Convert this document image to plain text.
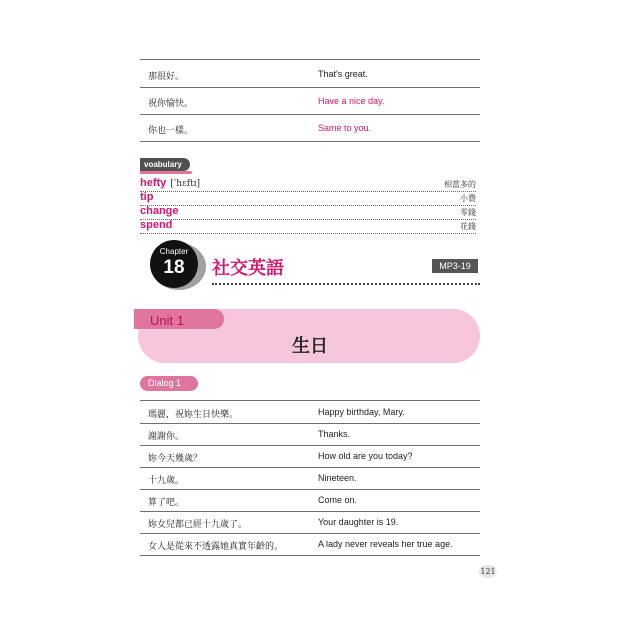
那很好。	That's great.
祝你愉快。	Have a nice day.
你也一樣。	Same to you.
voabulary
hefty [ˈhɛftɪ]	相當多的
tip	小費
change	零錢
spend	花錢
Chapter
18	社交英語	MP3-19
Unit 1
生日
Dialog 1
瑪麗，祝妳生日快樂。	Happy birthday, Mary.
謝謝你。	Thanks.
妳今天幾歲？	How old are you today?
十九歲。	Nineteen.
算了吧。	Come on.
妳女兒都已經十九歲了。	Your daughter is 19.
女人是從來不透露她真實年齡的。	A lady never reveals her true age.
121
